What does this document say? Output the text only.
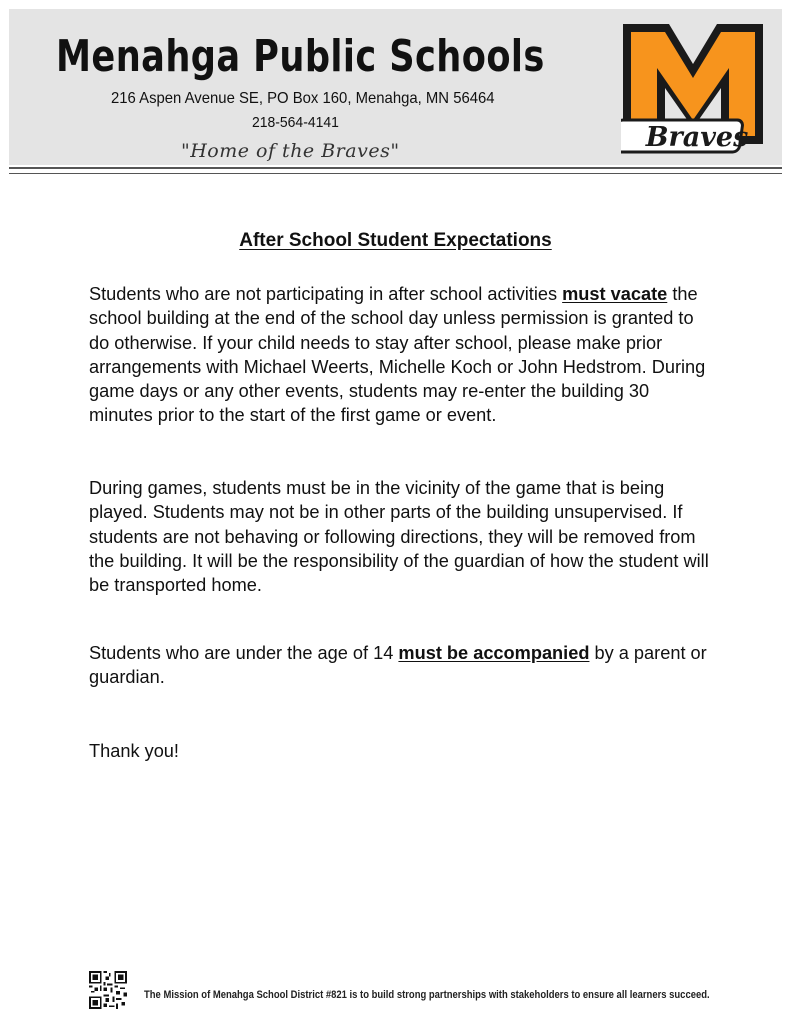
Menahga Public Schools
216 Aspen Avenue SE, PO Box 160, Menahga, MN 56464
218-564-4141
"Home of the Braves"	Braves
After School Student Expectations

Students who are not participating in after school activities must vacate the school building at the end of the school day unless permission is granted to do otherwise. If your child needs to stay after school, please make prior arrangements with Michael Weerts, Michelle Koch or John Hedstrom. During game days or any other events, students may re-enter the building 30 minutes prior to the start of the first game or event.

During games, students must be in the vicinity of the game that is being played. Students may not be in other parts of the building unsupervised. If students are not behaving or following directions, they will be removed from the building. It will be the responsibility of the guardian of how the student will be transported home.

Students who are under the age of 14 must be accompanied by a parent or guardian.

Thank you!

The Mission of Menahga School District #821 is to build strong partnerships with stakeholders to ensure all learners succeed.
